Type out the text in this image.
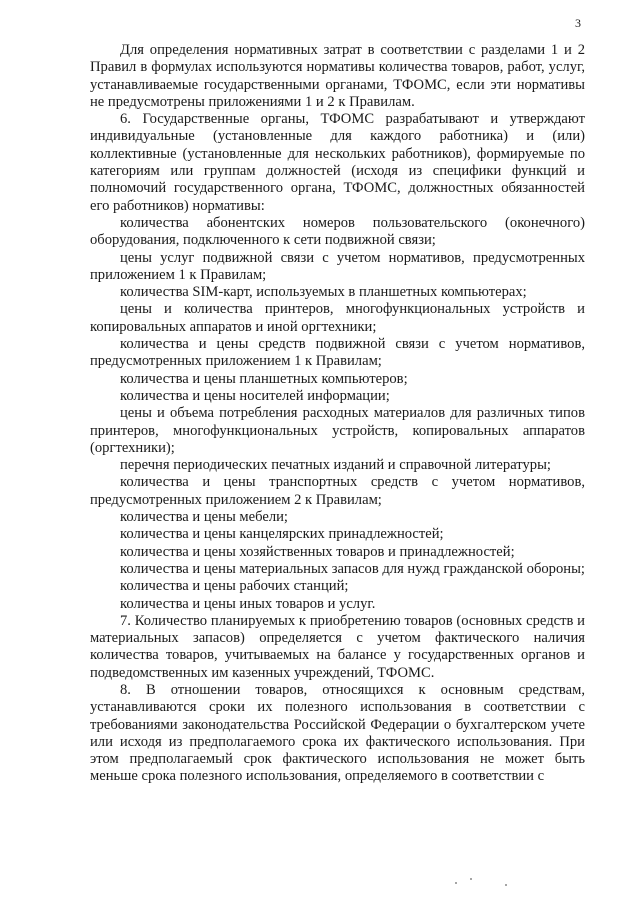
3

Для определения нормативных затрат в соответствии с разделами 1 и 2 Правил в формулах используются нормативы количества товаров, работ, услуг, устанавливаемые государственными органами, ТФОМС, если эти нормативы не предусмотрены приложениями 1 и 2 к Правилам.

6. Государственные органы, ТФОМС разрабатывают и утверждают индивидуальные (установленные для каждого работника) и (или) коллективные (установленные для нескольких работников), формируемые по категориям или группам должностей (исходя из специфики функций и полномочий государственного органа, ТФОМС, должностных обязанностей его работников) нормативы:

количества абонентских номеров пользовательского (оконечного) оборудования, подключенного к сети подвижной связи;

цены услуг подвижной связи с учетом нормативов, предусмотренных приложением 1 к Правилам;

количества SIM-карт, используемых в планшетных компьютерах;

цены и количества принтеров, многофункциональных устройств и копировальных аппаратов и иной оргтехники;

количества и цены средств подвижной связи с учетом нормативов, предусмотренных приложением 1 к Правилам;

количества и цены планшетных компьютеров;

количества и цены носителей информации;

цены и объема потребления расходных материалов для различных типов принтеров, многофункциональных устройств, копировальных аппаратов (оргтехники);

перечня периодических печатных изданий и справочной литературы;

количества и цены транспортных средств с учетом нормативов, предусмотренных приложением 2 к Правилам;

количества и цены мебели;

количества и цены канцелярских принадлежностей;

количества и цены хозяйственных товаров и принадлежностей;

количества и цены материальных запасов для нужд гражданской обороны;

количества и цены рабочих станций;

количества и цены иных товаров и услуг.

7. Количество планируемых к приобретению товаров (основных средств и материальных запасов) определяется с учетом фактического наличия количества товаров, учитываемых на балансе у государственных органов и подведомственных им казенных учреждений, ТФОМС.

8. В отношении товаров, относящихся к основным средствам, устанавливаются сроки их полезного использования в соответствии с требованиями законодательства Российской Федерации о бухгалтерском учете или исходя из предполагаемого срока их фактического использования. При этом предполагаемый срок фактического использования не может быть меньше срока полезного использования, определяемого в соответствии с
